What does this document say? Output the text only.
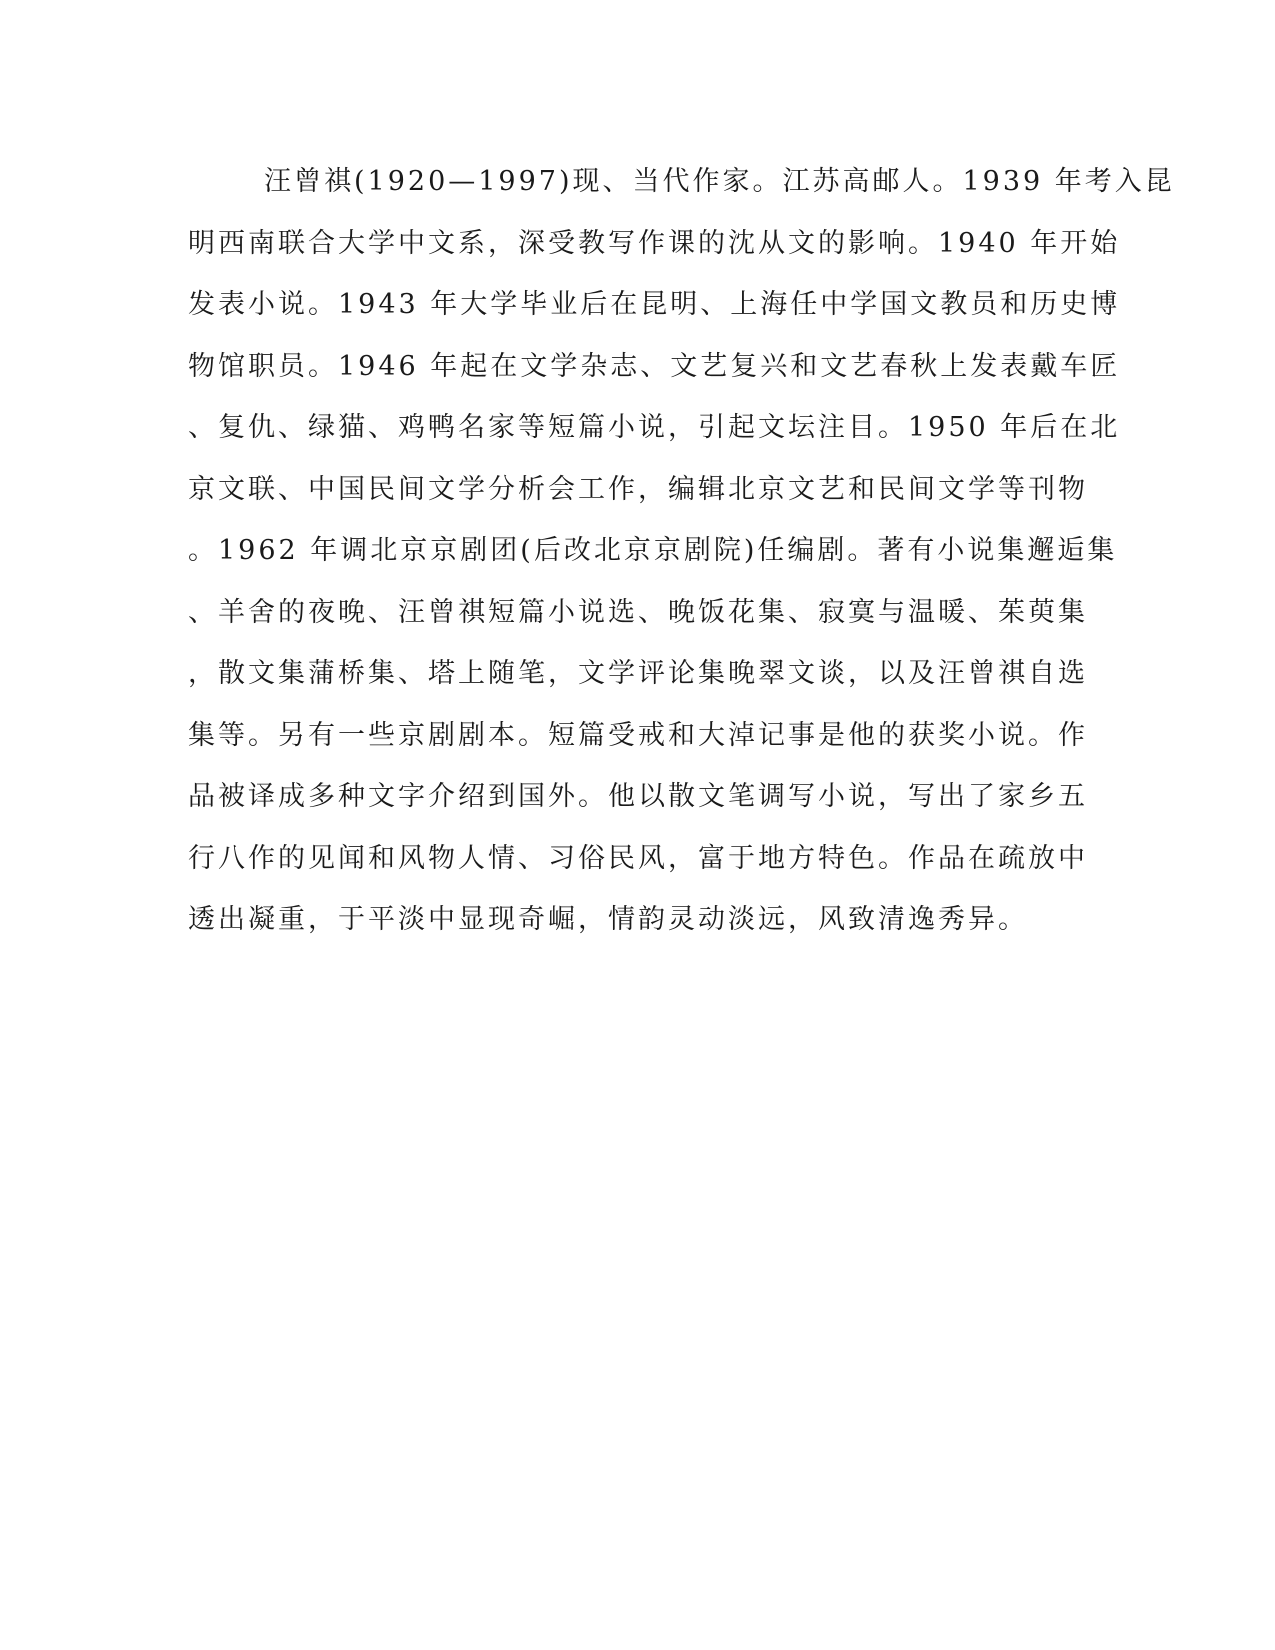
汪曾祺(1920—1997)现、当代作家。江苏高邮人。1939 年考入昆
明西南联合大学中文系，深受教写作课的沈从文的影响。1940 年开始
发表小说。1943 年大学毕业后在昆明、上海任中学国文教员和历史博
物馆职员。1946 年起在文学杂志、文艺复兴和文艺春秋上发表戴车匠
、复仇、绿猫、鸡鸭名家等短篇小说，引起文坛注目。1950 年后在北
京文联、中国民间文学分析会工作，编辑北京文艺和民间文学等刊物
。1962 年调北京京剧团(后改北京京剧院)任编剧。著有小说集邂逅集
、羊舍的夜晚、汪曾祺短篇小说选、晚饭花集、寂寞与温暖、茱萸集
，散文集蒲桥集、塔上随笔，文学评论集晚翠文谈，以及汪曾祺自选
集等。另有一些京剧剧本。短篇受戒和大淖记事是他的获奖小说。作
品被译成多种文字介绍到国外。他以散文笔调写小说，写出了家乡五
行八作的见闻和风物人情、习俗民风，富于地方特色。作品在疏放中
透出凝重，于平淡中显现奇崛，情韵灵动淡远，风致清逸秀异。
